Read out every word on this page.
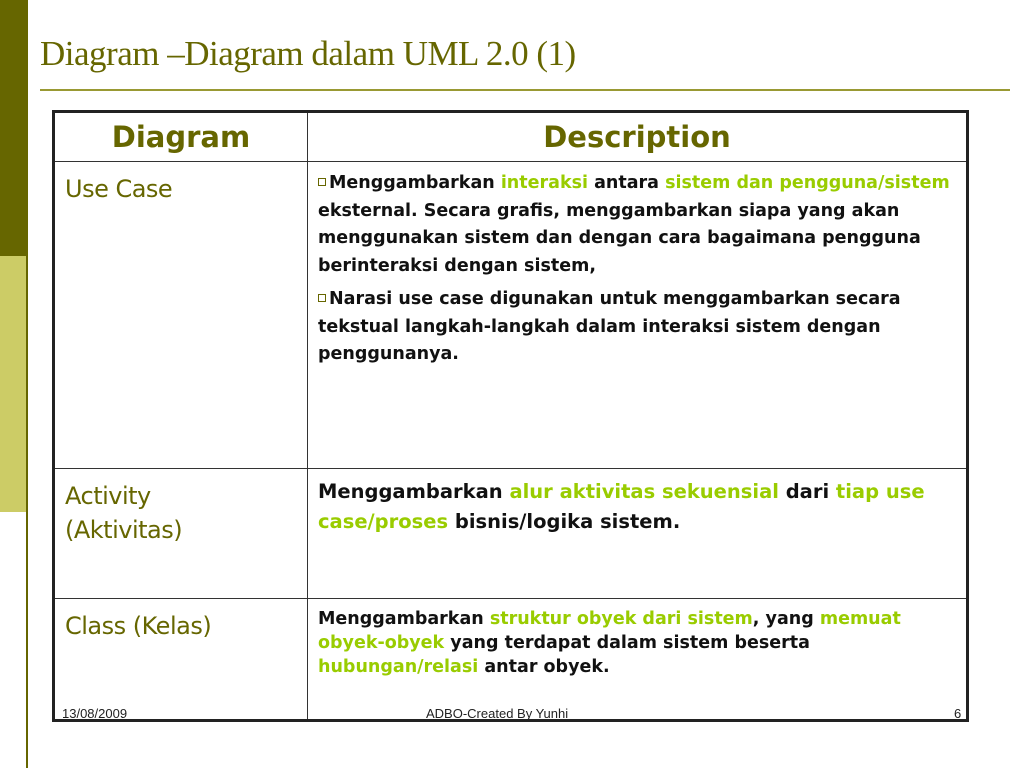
Diagram –Diagram dalam UML 2.0 (1)
Diagram	Description
Use Case	Menggambarkan interaksi antara sistem dan pengguna/sistem eksternal. Secara grafis, menggambarkan siapa yang akan menggunakan sistem dan dengan cara bagaimana pengguna berinteraksi dengan sistem,
Narasi use case digunakan untuk menggambarkan secara tekstual langkah-langkah dalam interaksi sistem dengan penggunanya.

Activity
(Aktivitas)	Menggambarkan alur aktivitas sekuensial dari tiap use case/proses bisnis/logika sistem.
Class (Kelas)	Menggambarkan struktur obyek dari sistem, yang memuat obyek-obyek yang terdapat dalam sistem beserta hubungan/relasi antar obyek.
13/08/2009	ADBO-Created By Yunhi	6
